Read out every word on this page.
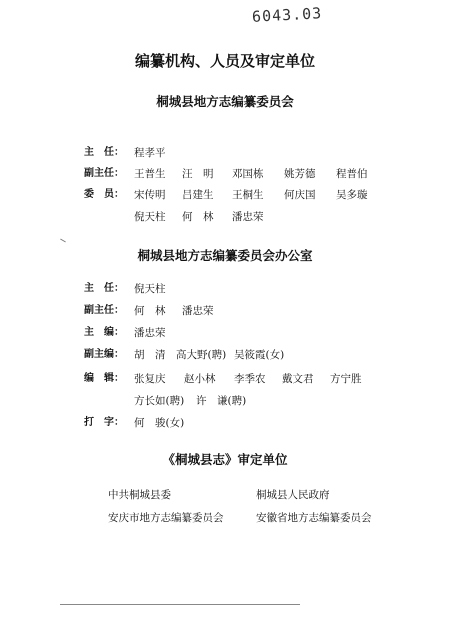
6043.03
编纂机构、人员及审定单位
桐城县地方志编纂委员会
主　任： 程孝平
副主任： 王普生 汪　明 邓国栋 姚芳德 程普伯
委　员： 宋传明 吕建生 王桐生 何庆国 吴多璇
倪天柱 何　林 潘忠荣
桐城县地方志编纂委员会办公室
主　任： 倪天柱
副主任： 何　林 潘忠荣
主　编： 潘忠荣
副主编： 胡　清 高大野(聘) 吴筱霞(女)
编　辑： 张复庆 赵小林 李季农 戴文君 方宁胜
方长如(聘) 许　谦(聘)
打　字： 何　骏(女)
《桐城县志》审定单位
中共桐城县委	桐城县人民政府
安庆市地方志编纂委员会	安徽省地方志编纂委员会
